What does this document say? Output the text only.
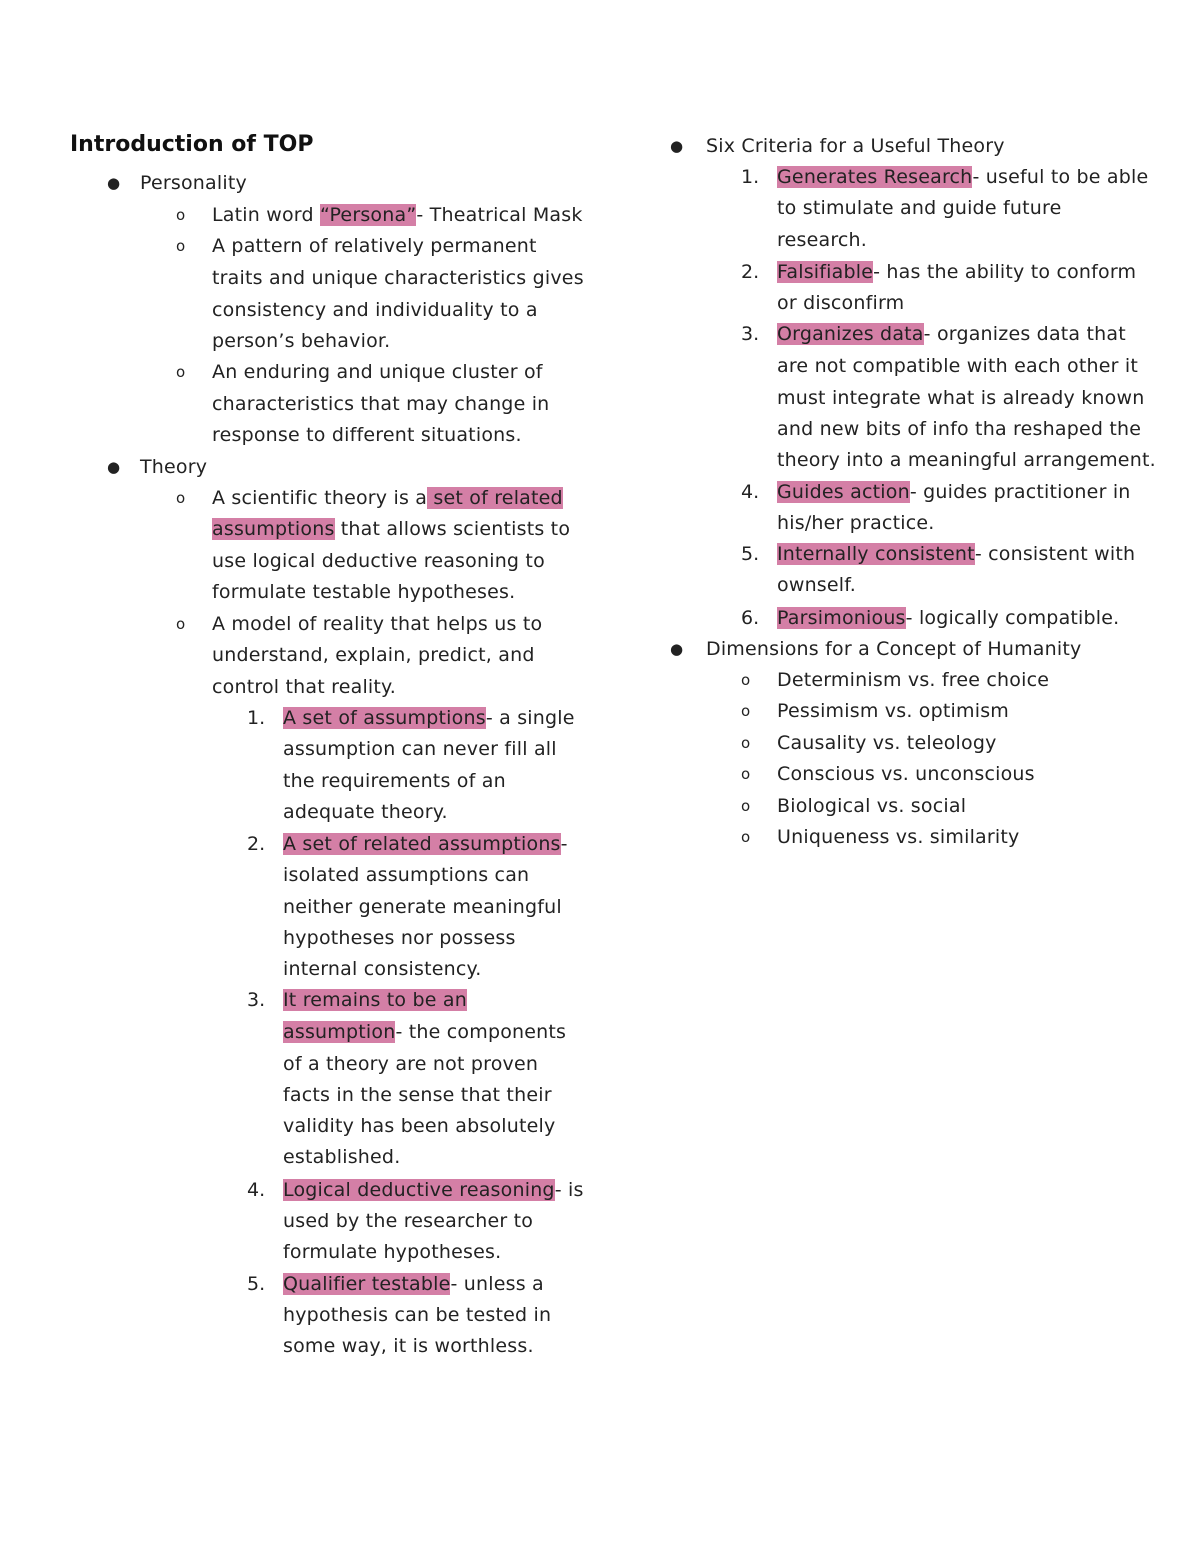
Introduction of TOP
● Personality
o Latin word “Persona”- Theatrical Mask
o A pattern of relatively permanent
traits and unique characteristics gives
consistency and individuality to a
person’s behavior.
o An enduring and unique cluster of
characteristics that may change in
response to different situations.
● Theory
o A scientific theory is a set of related
assumptions that allows scientists to
use logical deductive reasoning to
formulate testable hypotheses.
o A model of reality that helps us to
understand, explain, predict, and
control that reality.
1. A set of assumptions- a single
assumption can never fill all
the requirements of an
adequate theory.
2. A set of related assumptions-
isolated assumptions can
neither generate meaningful
hypotheses nor possess
internal consistency.
3. It remains to be an
assumption- the components
of a theory are not proven
facts in the sense that their
validity has been absolutely
established.
4. Logical deductive reasoning- is
used by the researcher to
formulate hypotheses.
5. Qualifier testable- unless a
hypothesis can be tested in
some way, it is worthless.
● Six Criteria for a Useful Theory
1. Generates Research- useful to be able
to stimulate and guide future
research.
2. Falsifiable- has the ability to conform
or disconfirm
3. Organizes data- organizes data that
are not compatible with each other it
must integrate what is already known
and new bits of info tha reshaped the
theory into a meaningful arrangement.
4. Guides action- guides practitioner in
his/her practice.
5. Internally consistent- consistent with
ownself.
6. Parsimonious- logically compatible.
● Dimensions for a Concept of Humanity
o Determinism vs. free choice
o Pessimism vs. optimism
o Causality vs. teleology
o Conscious vs. unconscious
o Biological vs. social
o Uniqueness vs. similarity
